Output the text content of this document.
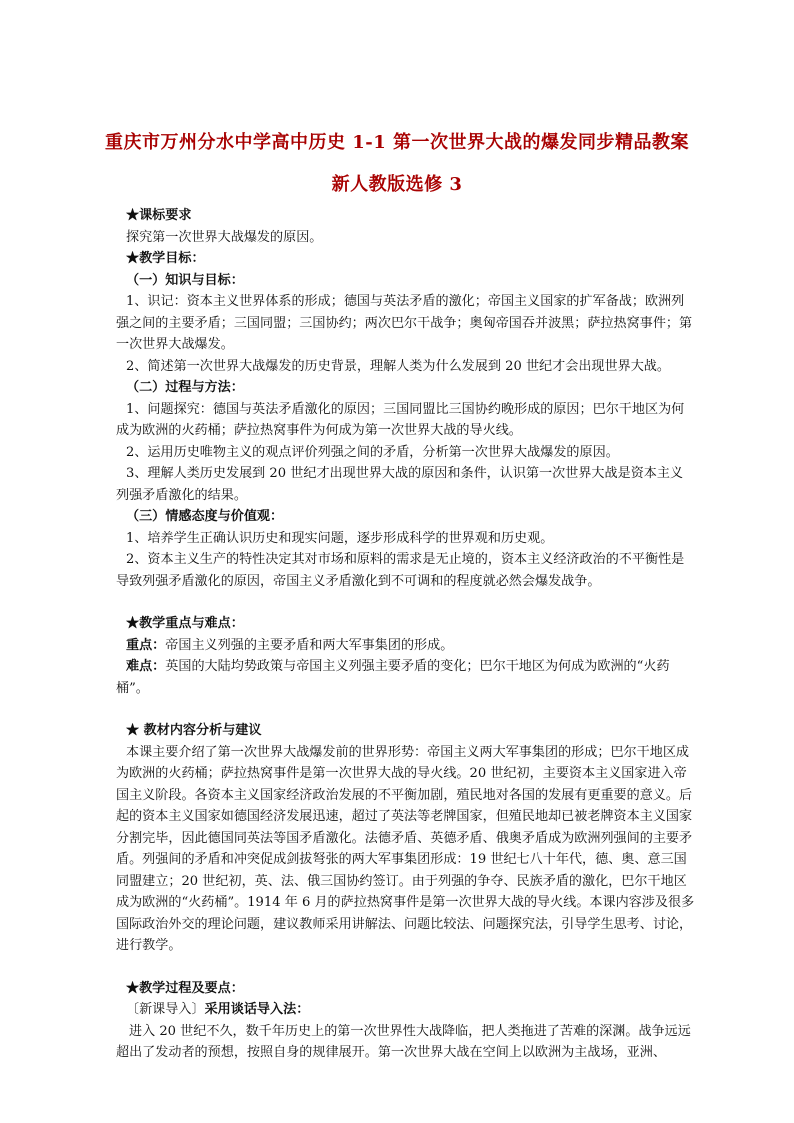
重庆市万州分水中学高中历史 1-1 第一次世界大战的爆发同步精品教案
新人教版选修 3

★课标要求

探究第一次世界大战爆发的原因。

★教学目标：

（一）知识与目标：

1、识记：资本主义世界体系的形成；德国与英法矛盾的激化；帝国主义国家的扩军备战；欧洲列强之间的主要矛盾；三国同盟；三国协约；两次巴尔干战争；奥匈帝国吞并波黑；萨拉热窝事件；第一次世界大战爆发。

2、简述第一次世界大战爆发的历史背景，理解人类为什么发展到 20 世纪才会出现世界大战。

（二）过程与方法：

1、问题探究：德国与英法矛盾激化的原因；三国同盟比三国协约晚形成的原因；巴尔干地区为何成为欧洲的火药桶；萨拉热窝事件为何成为第一次世界大战的导火线。

2、运用历史唯物主义的观点评价列强之间的矛盾，分析第一次世界大战爆发的原因。

3、理解人类历史发展到 20 世纪才出现世界大战的原因和条件，认识第一次世界大战是资本主义列强矛盾激化的结果。

（三）情感态度与价值观：

1、培养学生正确认识历史和现实问题，逐步形成科学的世界观和历史观。

2、资本主义生产的特性决定其对市场和原料的需求是无止境的，资本主义经济政治的不平衡性是导致列强矛盾激化的原因，帝国主义矛盾激化到不可调和的程度就必然会爆发战争。

★教学重点与难点：

重点：帝国主义列强的主要矛盾和两大军事集团的形成。

难点：英国的大陆均势政策与帝国主义列强主要矛盾的变化；巴尔干地区为何成为欧洲的“火药桶”。

★ 教材内容分析与建议

本课主要介绍了第一次世界大战爆发前的世界形势：帝国主义两大军事集团的形成；巴尔干地区成为欧洲的火药桶；萨拉热窝事件是第一次世界大战的导火线。20 世纪初，主要资本主义国家进入帝国主义阶段。各资本主义国家经济政治发展的不平衡加剧，殖民地对各国的发展有更重要的意义。后起的资本主义国家如德国经济发展迅速，超过了英法等老牌国家，但殖民地却已被老牌资本主义国家分割完毕，因此德国同英法等国矛盾激化。法德矛盾、英德矛盾、俄奥矛盾成为欧洲列强间的主要矛盾。列强间的矛盾和冲突促成剑拔弩张的两大军事集团形成：19 世纪七八十年代，德、奥、意三国同盟建立；20 世纪初，英、法、俄三国协约签订。由于列强的争夺、民族矛盾的激化，巴尔干地区成为欧洲的“火药桶”。1914 年 6 月的萨拉热窝事件是第一次世界大战的导火线。本课内容涉及很多国际政治外交的理论问题，建议教师采用讲解法、问题比较法、问题探究法，引导学生思考、讨论，进行教学。

★教学过程及要点：

〔新课导入〕采用谈话导入法：

进入 20 世纪不久，数千年历史上的第一次世界性大战降临，把人类拖进了苦难的深渊。战争远远超出了发动者的预想，按照自身的规律展开。第一次世界大战在空间上以欧洲为主战场，亚洲、
